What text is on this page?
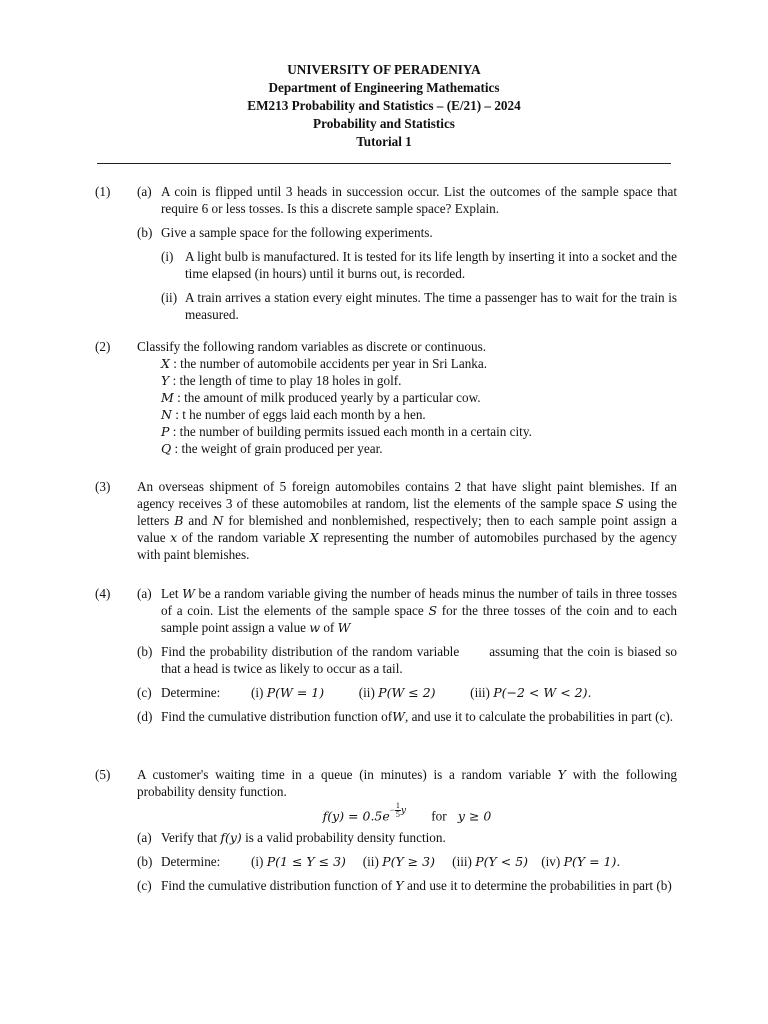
UNIVERSITY OF PERADENIYA
Department of Engineering Mathematics
EM213 Probability and Statistics – (E/21) – 2024
Probability and Statistics
Tutorial 1
(1) (a) A coin is flipped until 3 heads in succession occur. List the outcomes of the sample space that require 6 or less tosses. Is this a discrete sample space? Explain.
(b) Give a sample space for the following experiments.
(i) A light bulb is manufactured. It is tested for its life length by inserting it into a socket and the time elapsed (in hours) until it burns out, is recorded.
(ii) A train arrives a station every eight minutes. The time a passenger has to wait for the train is measured.
(2) Classify the following random variables as discrete or continuous.
X : the number of automobile accidents per year in Sri Lanka.
Y : the length of time to play 18 holes in golf.
M : the amount of milk produced yearly by a particular cow.
N : t he number of eggs laid each month by a hen.
P : the number of building permits issued each month in a certain city.
Q : the weight of grain produced per year.
(3) An overseas shipment of 5 foreign automobiles contains 2 that have slight paint blemishes. If an agency receives 3 of these automobiles at random, list the elements of the sample space S using the letters B and N for blemished and nonblemished, respectively; then to each sample point assign a value x of the random variable X representing the number of automobiles purchased by the agency with paint blemishes.
(4) (a) Let W be a random variable giving the number of heads minus the number of tails in three tosses of a coin. List the elements of the sample space S for the three tosses of the coin and to each sample point assign a value w of W
(b) Find the probability distribution of the random variable assuming that the coin is biased so that a head is twice as likely to occur as a tail.
(c) Determine: (i) P(W = 1)	(ii) P(W ≤ 2)	(iii) P(−2 < W < 2).
(d) Find the cumulative distribution function ofW, and use it to calculate the probabilities in part (c).
(5) A customer's waiting time in a queue (in minutes) is a random variable Y with the following probability density function.
$f(y) = 0.5e^{- \frac{1}{5} y}$ for y ≥ 0
(a) Verify that f(y) is a valid probability density function.
(b) Determine: (i) P(1 ≤ Y ≤ 3) (ii) P(Y ≥ 3) (iii) P(Y < 5) (iv) P(Y = 1).
(c) Find the cumulative distribution function of Y and use it to determine the probabilities in part (b)
